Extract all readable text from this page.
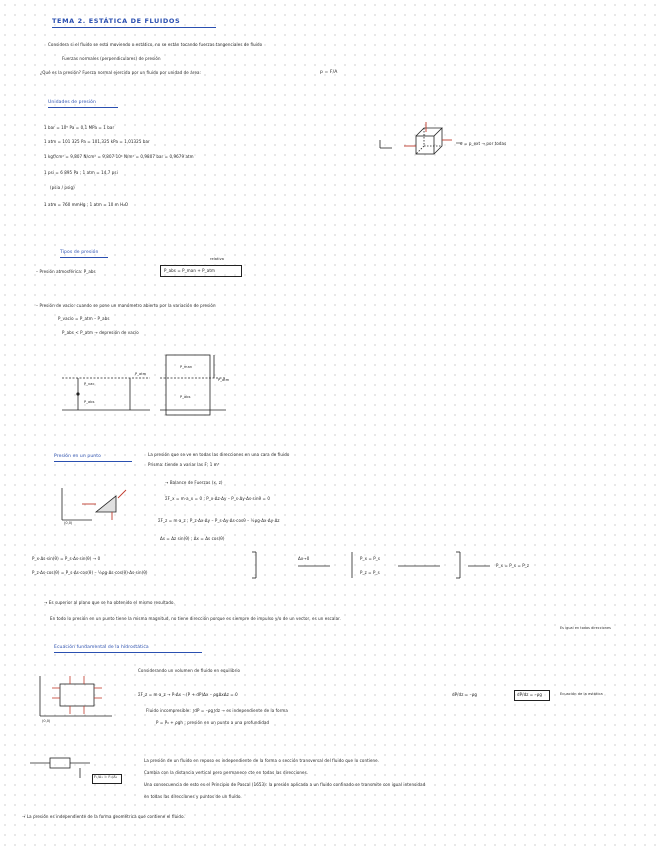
TEMA 2. ESTÁTICA DE FLUIDOS
Considera si el fluido se está moviendo o estático, no se están tocando fuerzas tangenciales de fluido
Fuerzas normales (perpendiculares) de presión
¿Qué es la presión? Fuerza normal ejercida por un fluido por unidad de área:	p = F/A
Unidades de presión
1 bar = 10⁵ Pa = 0,1 MPa = 1 bar
1 atm = 101 325 Pa = 101,325 kPa = 1,01325 bar
1 kgf/cm² = 9,807 N/cm² = 9,807·10⁴ N/m² = 0,9807 bar = 0,9679 atm
1 psi = 6 895 Pa ; 1 atm = 14,7 psi
(psia / psig)
1 atm = 760 mmHg ; 1 atm = 10 m H₂O
σ = p_ext → por todas
Tipos de presión
– Presión atmosférica: P_abs	P_abs = P_man + P_atm
relativa
– Presión de vacío: cuando se pone un manómetro abierto por la variación de presión
P_vacío = P_atm – P_abs
P_abs < P_atm → depresión de vacío
P_atm
P_vac
P_abs
P_man
P_abs
P_atm
Presión en un punto	La presión que se ve en todas las direcciones en una cara de fluido
Prisma: tiende a variar las F; 1 m³
→ Balance de Fuerzas (x, z)
ΣF_x = m·a_x = 0 ; P_x·Δz·Δy – P_s·Δy·Δs·sinθ = 0
ΣF_z = m·a_z ; P_z·Δx·Δy – P_s·Δy·Δs·cosθ – ½ρg·Δx·Δy·Δz
Δs = Δz sin(θ) ; Δx = Δs cos(θ)
P_x·Δs·sin(θ) = P_s·Δs·sin(θ) → 0
P_z·Δs·cos(θ) = P_s·Δs·cos(θ) – ½ρg·Δs·cos(θ)·Δs·sin(θ)
Δx→0	P_x = P_s
P_z = P_s
P_x = P_s = P_z
→ Es superior al plano que se ha obtenido el mismo resultado.
En todo lo presión en un punto tiene la misma magnitud, no tiene dirección porque es siempre de impulso y/o de un vector, es un escalar.
Es igual en todas direcciones
Ecuación fundamental de la hidrostática
Considerando un volumen de fluido en equilibrio
ΣF_z = m·a_z → P·Δx – (P + dP)Δx – ρgΔxΔz = 0	dP/dz = –ρg	dP/dz = –ρg	Ecuación de la estática
Fluido incompresible: ∫dP = –ρg∫dz → es independiente de la forma
P = P₀ + ρgh ; presión en un punto a una profundidad
La presión de un fluido en reposo es independiente de la forma o sección transversal del fluido que lo contiene.
Cambia con la distancia vertical pero permanece cte en todas las direcciones.
Una consecuencia de esto es el Principio de Pascal (1653): la presión aplicada a un fluido confinado se transmite con igual intensidad
en todas las direcciones y puntos de un fluido.
→ La presión es independiente de la forma geométrica que contiene el fluido.
F₁/A₁ = F₂/A₂
(0,0)
(0,0)
